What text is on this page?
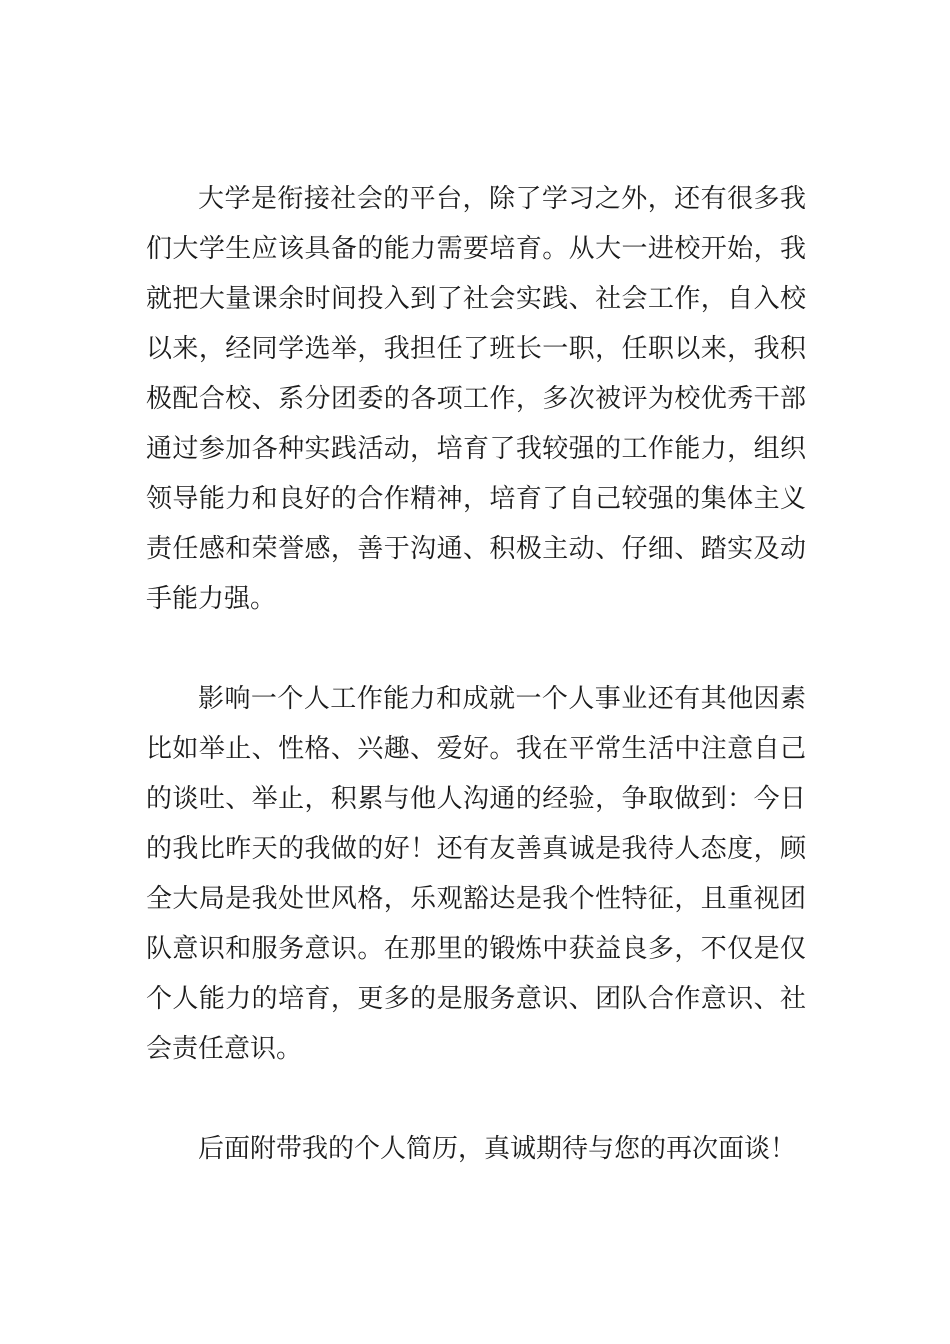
大学是衔接社会的平台，除了学习之外，还有很多我
们大学生应该具备的能力需要培育。从大一进校开始，我
就把大量课余时间投入到了社会实践、社会工作，自入校
以来，经同学选举，我担任了班长一职，任职以来，我积
极配合校、系分团委的各项工作，多次被评为校优秀干部
通过参加各种实践活动，培育了我较强的工作能力，组织
领导能力和良好的合作精神，培育了自己较强的集体主义
责任感和荣誉感，善于沟通、积极主动、仔细、踏实及动
手能力强。
影响一个人工作能力和成就一个人事业还有其他因素
比如举止、性格、兴趣、爱好。我在平常生活中注意自己
的谈吐、举止，积累与他人沟通的经验，争取做到：今日
的我比昨天的我做的好！还有友善真诚是我待人态度，顾
全大局是我处世风格，乐观豁达是我个性特征，且重视团
队意识和服务意识。在那里的锻炼中获益良多，不仅是仅
个人能力的培育，更多的是服务意识、团队合作意识、社
会责任意识。
后面附带我的个人简历，真诚期待与您的再次面谈！
